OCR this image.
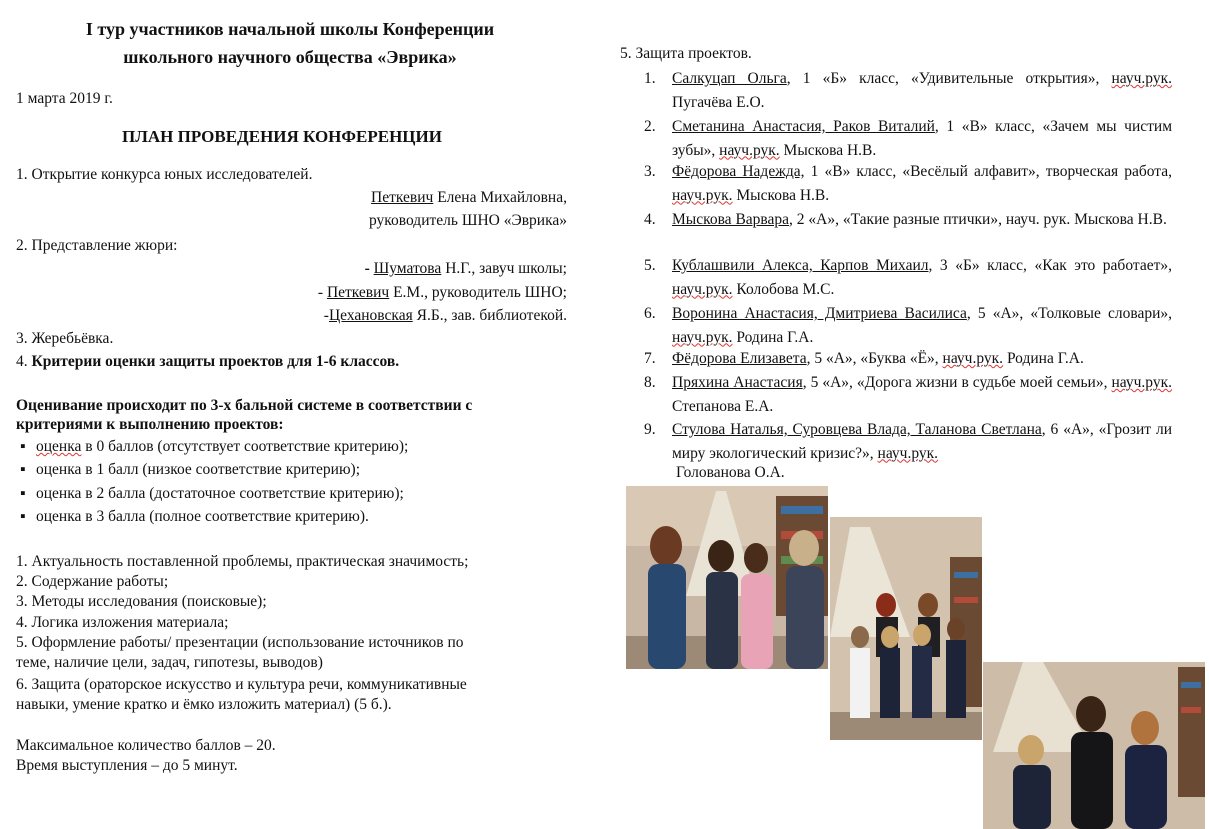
I тур участников начальной школы Конференции
школьного научного общества «Эврика»
1 марта 2019 г.
ПЛАН ПРОВЕДЕНИЯ КОНФЕРЕНЦИИ
1. Открытие конкурса юных исследователей.
Петкевич Елена Михайловна,
руководитель ШНО «Эврика»
2. Представление жюри:
- Шуматова Н.Г., завуч школы;
- Петкевич Е.М., руководитель ШНО;
-Цехановская Я.Б., зав. библиотекой.
3. Жеребьёвка.
4. Критерии оценки защиты проектов для 1-6 классов.
Оценивание происходит по 3-х бальной системе в соответствии с
критериями к выполнению проектов:
▪ оценка в 0 баллов (отсутствует соответствие критерию);
▪ оценка в 1 балл (низкое соответствие критерию);
▪ оценка в 2 балла (достаточное соответствие критерию);
▪ оценка в 3 балла (полное соответствие критерию).
1. Актуальность поставленной проблемы, практическая значимость;
2. Содержание работы;
3. Методы исследования (поисковые);
4. Логика изложения материала;
5. Оформление работы/ презентации (использование источников по
теме, наличие цели, задач, гипотезы, выводов)
6. Защита (ораторское искусство и культура речи, коммуникативные
навыки, умение кратко и ёмко изложить материал) (5 б.).
Максимальное количество баллов – 20.
Время выступления – до 5 минут.
5. Защита проектов.
1. Салкуцап Ольга, 1 «Б» класс, «Удивительные открытия», науч.рук. Пугачёва Е.О.
2. Сметанина Анастасия, Раков Виталий, 1 «В» класс, «Зачем мы чистим зубы», науч.рук. Мыскова Н.В.
3. Фёдорова Надежда, 1 «В» класс, «Весёлый алфавит», творческая работа, науч.рук. Мыскова Н.В.
4. Мыскова Варвара, 2 «А», «Такие разные птички», науч. рук. Мыскова Н.В.
5. Кублашвили Алекса, Карпов Михаил, 3 «Б» класс, «Как это работает», науч.рук. Колобова М.С.
6. Воронина Анастасия, Дмитриева Василиса, 5 «А», «Толковые словари», науч.рук. Родина Г.А.
7. Фёдорова Елизавета, 5 «А», «Буква «Ё», науч.рук. Родина Г.А.
8. Пряхина Анастасия, 5 «А», «Дорога жизни в судьбе моей семьи», науч.рук. Степанова Е.А.
9. Стулова Наталья, Суровцева Влада, Таланова Светлана, 6 «А», «Грозит ли миру экологический кризис?», науч.рук.
Голованова О.А.
